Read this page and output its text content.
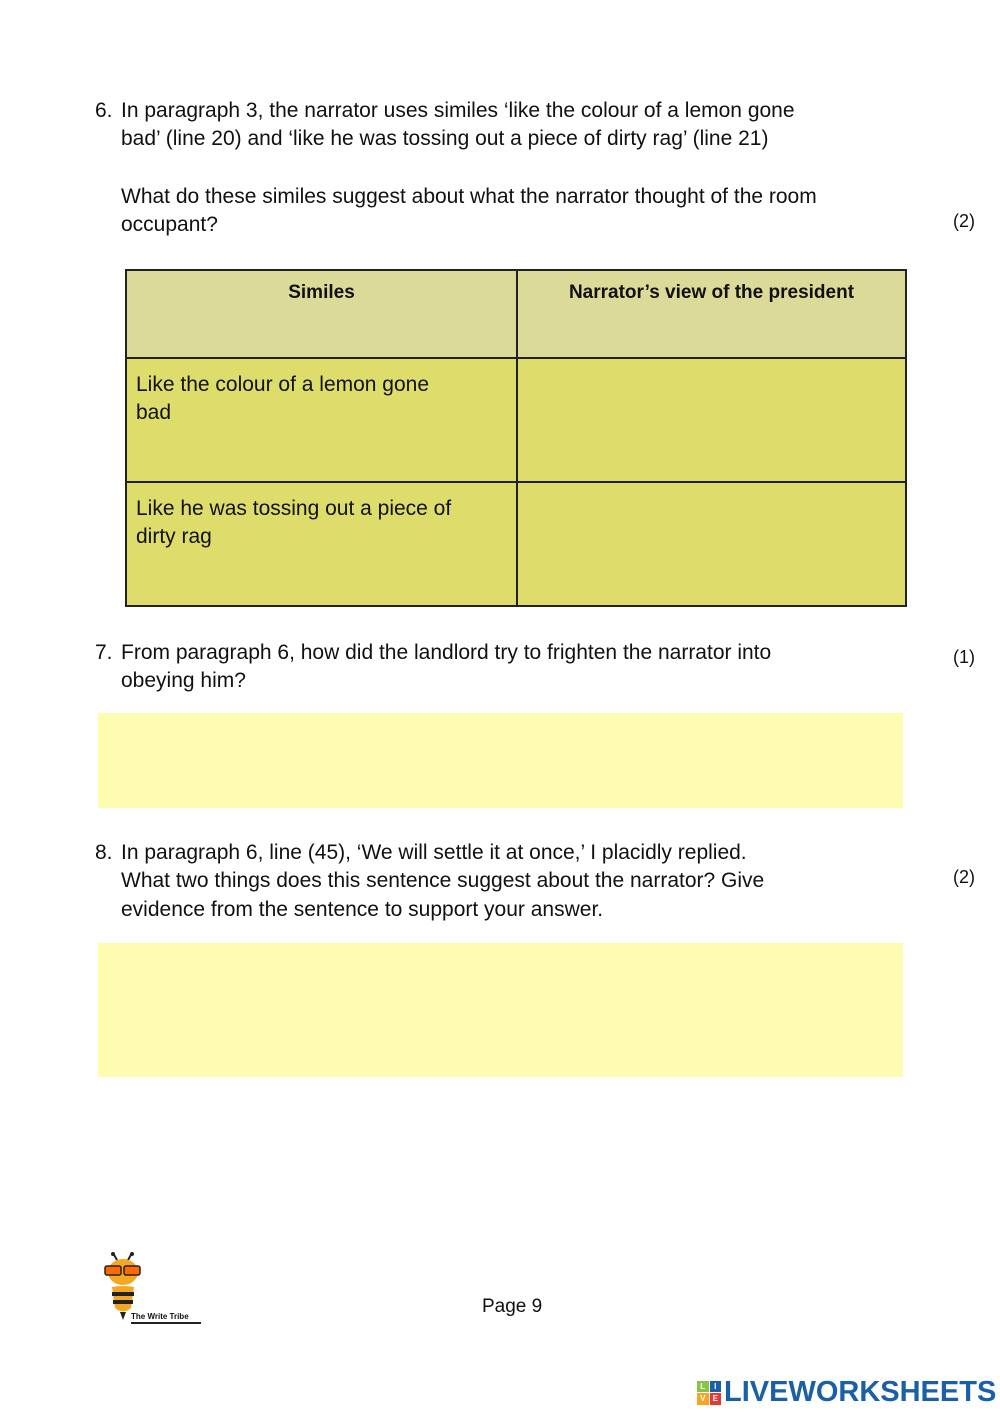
6. In paragraph 3, the narrator uses similes ‘like the colour of a lemon gone
bad’ (line 20) and ‘like he was tossing out a piece of dirty rag’ (line 21)
What do these similes suggest about what the narrator thought of the room
occupant?	(2)
Similes	Narrator’s view of the president
Like the colour of a lemon gone
bad
Like he was tossing out a piece of
dirty rag
7. From paragraph 6, how did the landlord try to frighten the narrator into
obeying him?
(1)
8. In paragraph 6, line (45), ‘We will settle it at once,’ I placidly replied.
What two things does this sentence suggest about the narrator? Give
evidence from the sentence to support your answer.
(2)
The Write Tribe	Page 9
L	I
V E LIVEWORKSHEETS
